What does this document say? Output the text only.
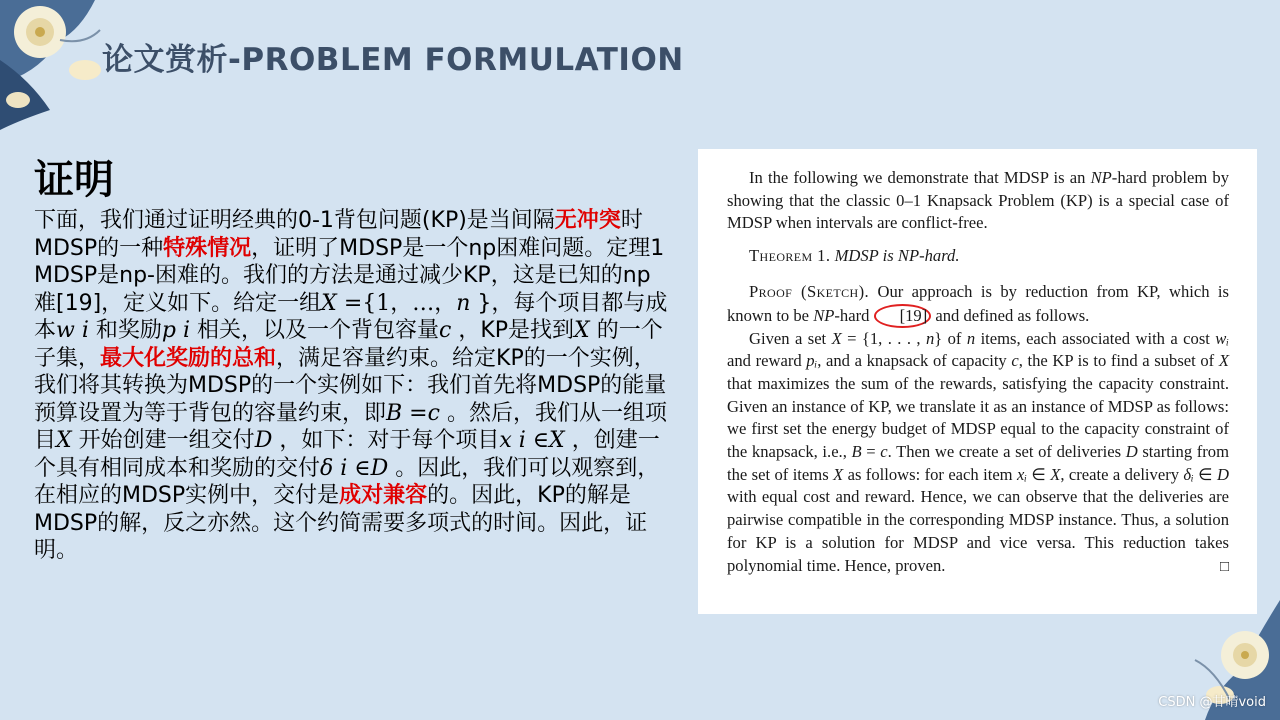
论文赏析-PROBLEM FORMULATION
证明

下面，我们通过证明经典的0-1背包问题(KP)是当间隔无冲突时MDSP的一种特殊情况，证明了MDSP是一个np困难问题。定理1

MDSP是np-困难的。我们的方法是通过减少KP，这是已知的np难[19]，定义如下。给定一组X ={1，…，n }，每个项目都与成本w i 和奖励p i 相关，以及一个背包容量c ，KP是找到X 的一个子集，最大化奖励的总和，满足容量约束。给定KP的一个实例，我们将其转换为MDSP的一个实例如下：我们首先将MDSP的能量预算设置为等于背包的容量约束，即B =c 。然后，我们从一组项目X 开始创建一组交付D ，如下：对于每个项目x i ∈X ，创建一个具有相同成本和奖励的交付δ i ∈D 。因此，我们可以观察到，在相应的MDSP实例中，交付是成对兼容的。因此，KP的解是MDSP的解，反之亦然。这个约简需要多项式的时间。因此，证明。

In the following we demonstrate that MDSP is an NP-hard problem by showing that the classic 0–1 Knapsack Problem (KP) is a special case of MDSP when intervals are conflict-free.

Theorem 1. MDSP is NP-hard.

Proof (Sketch). Our approach is by reduction from KP, which is known to be NP-hard [19] and defined as follows.

Given a set X = {1, . . . , n} of n items, each associated with a cost wᵢ and reward pᵢ, and a knapsack of capacity c, the KP is to find a subset of X that maximizes the sum of the rewards, satisfying the capacity constraint. Given an instance of KP, we translate it as an instance of MDSP as follows: we first set the energy budget of MDSP equal to the capacity constraint of the knapsack, i.e., B = c. Then we create a set of deliveries D starting from the set of items X as follows: for each item xᵢ ∈ X, create a delivery δᵢ ∈ D with equal cost and reward. Hence, we can observe that the deliveries are pairwise compatible in the corresponding MDSP instance. Thus, a solution for KP is a solution for MDSP and vice versa. This reduction takes polynomial time. Hence, proven.	□

CSDN @甘晴void
